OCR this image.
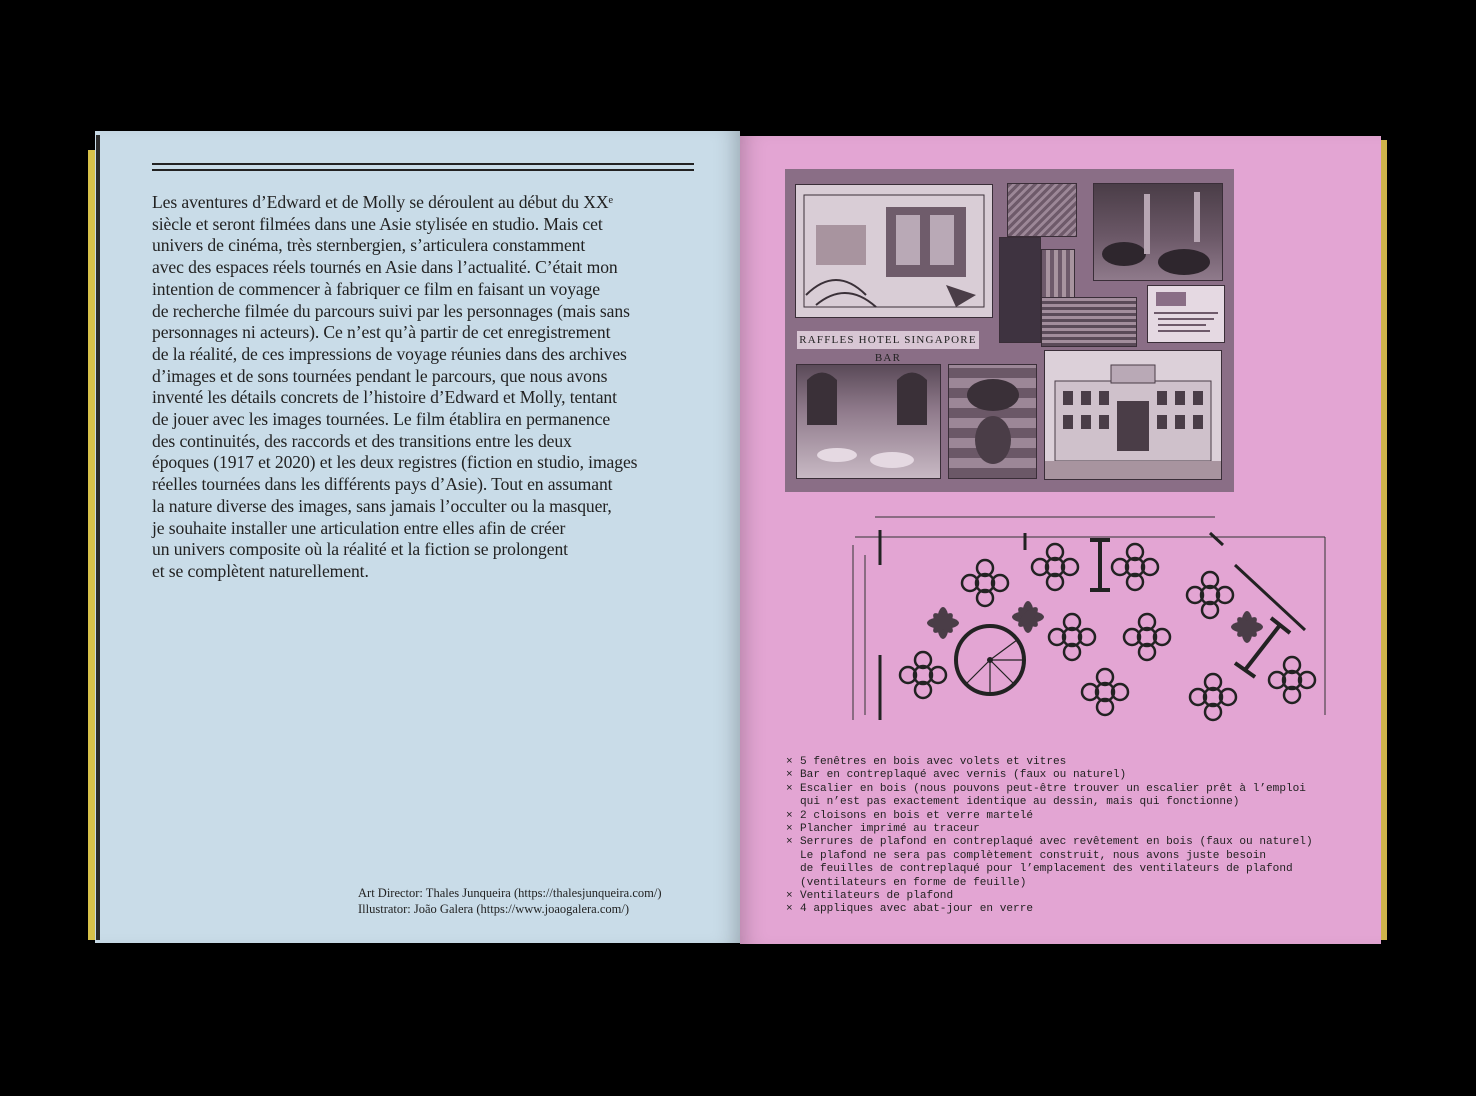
Les aventures d’Edward et de Molly se déroulent au début du XXᵉ
siècle et seront filmées dans une Asie stylisée en studio. Mais cet
univers de cinéma, très sternbergien, s’articulera constamment
avec des espaces réels tournés en Asie dans l’actualité. C’était mon
intention de commencer à fabriquer ce film en faisant un voyage
de recherche filmée du parcours suivi par les personnages (mais sans
personnages ni acteurs). Ce n’est qu’à partir de cet enregistrement
de la réalité, de ces impressions de voyage réunies dans des archives
d’images et de sons tournées pendant le parcours, que nous avons
inventé les détails concrets de l’histoire d’Edward et Molly, tentant
de jouer avec les images tournées. Le film établira en permanence
des continuités, des raccords et des transitions entre les deux
époques (1917 et 2020) et les deux registres (fiction en studio, images
réelles tournées dans les différents pays d’Asie). Tout en assumant
la nature diverse des images, sans jamais l’occulter ou la masquer,
je souhaite installer une articulation entre elles afin de créer
un univers composite où la réalité et la fiction se prolongent
et se complètent naturellement.
Art Director: Thales Junqueira (https://thalesjunqueira.com/)
Illustrator: João Galera (https://www.joaogalera.com/)
RAFFLES HOTEL SINGAPORE BAR
× 5 fenêtres en bois avec volets et vitres
× Bar en contreplaqué avec vernis (faux ou naturel)
× Escalier en bois (nous pouvons peut-être trouver un escalier prêt à l’emploi
qui n’est pas exactement identique au dessin, mais qui fonctionne)
× 2 cloisons en bois et verre martelé
× Plancher imprimé au traceur
× Serrures de plafond en contreplaqué avec revêtement en bois (faux ou naturel)
Le plafond ne sera pas complètement construit, nous avons juste besoin
de feuilles de contreplaqué pour l’emplacement des ventilateurs de plafond
(ventilateurs en forme de feuille)
× Ventilateurs de plafond
× 4 appliques avec abat-jour en verre
